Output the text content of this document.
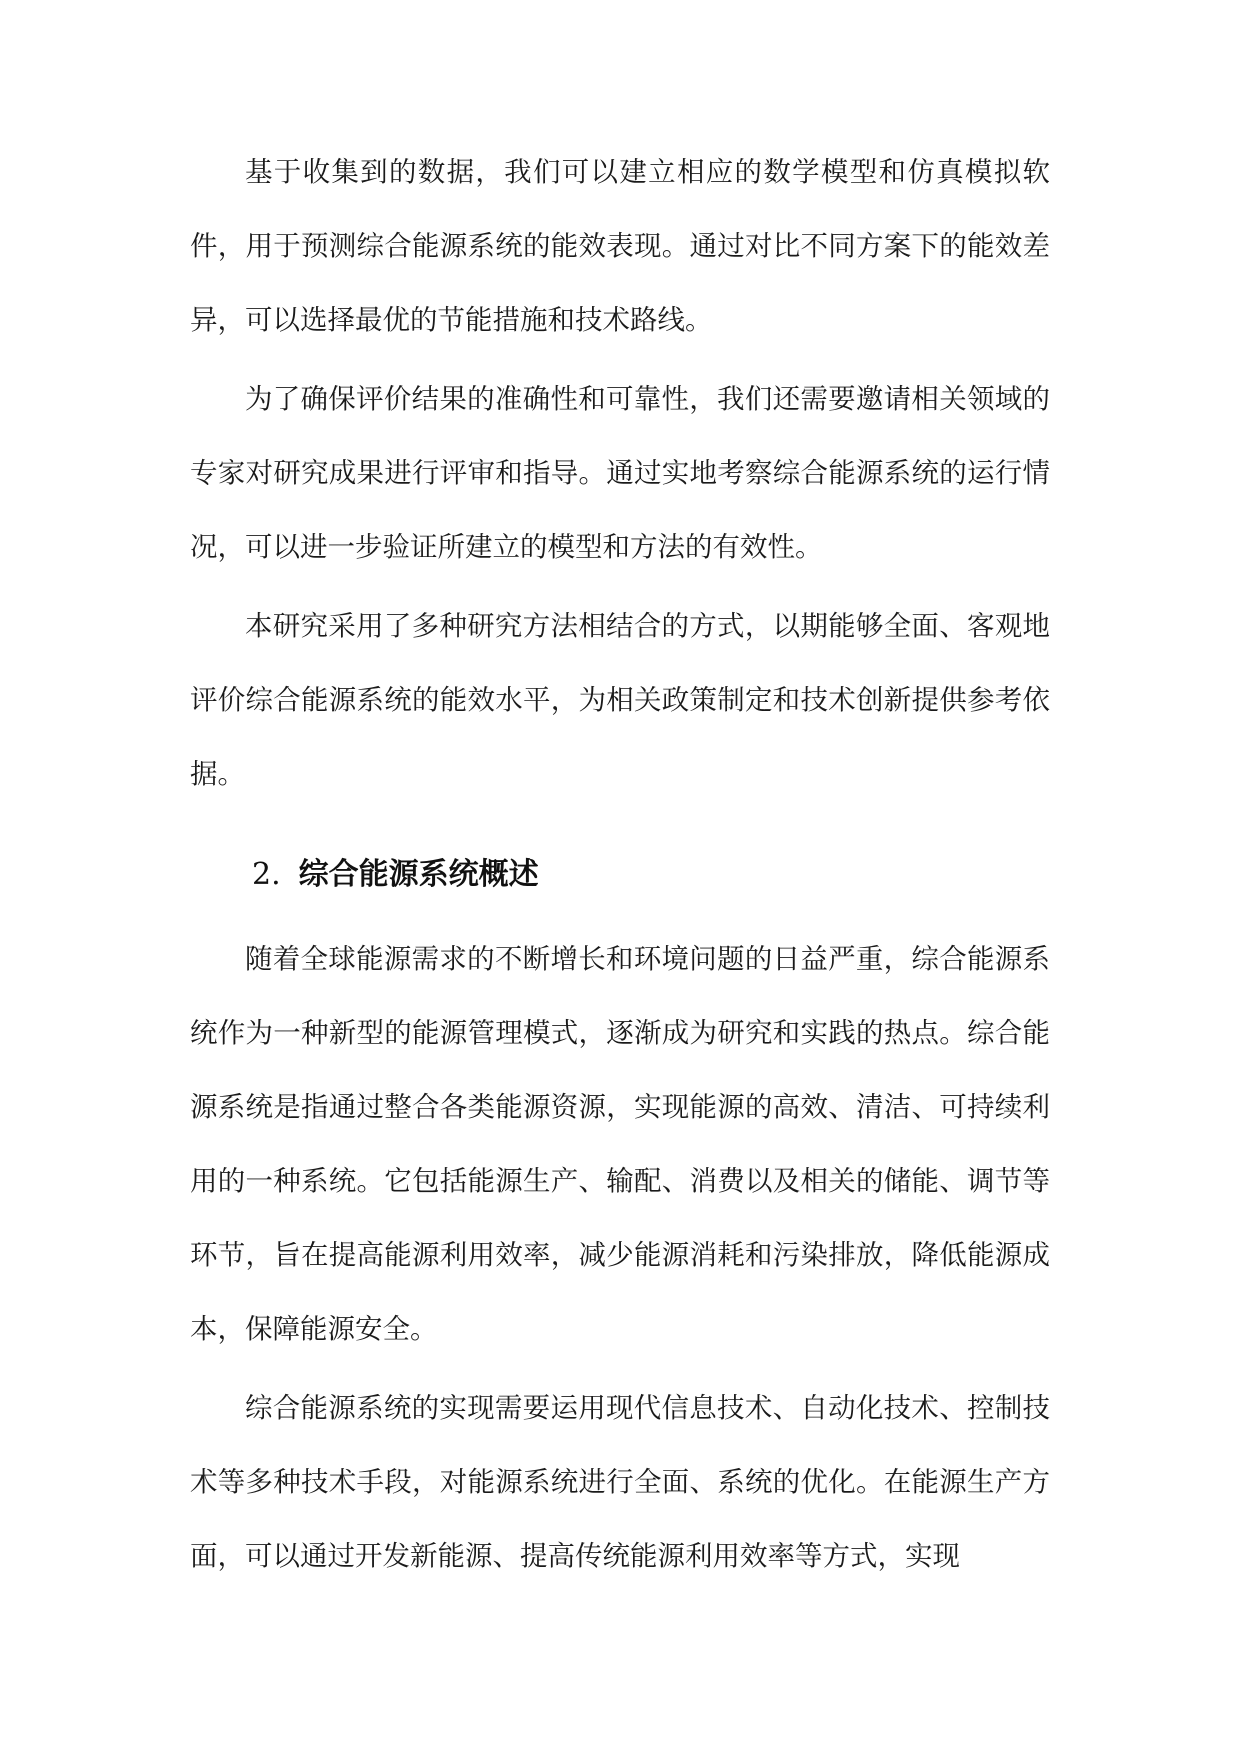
基于收集到的数据，我们可以建立相应的数学模型和仿真模拟软件，用于预测综合能源系统的能效表现。通过对比不同方案下的能效差异，可以选择最优的节能措施和技术路线。

为了确保评价结果的准确性和可靠性，我们还需要邀请相关领域的专家对研究成果进行评审和指导。通过实地考察综合能源系统的运行情况，可以进一步验证所建立的模型和方法的有效性。

本研究采用了多种研究方法相结合的方式，以期能够全面、客观地评价综合能源系统的能效水平，为相关政策制定和技术创新提供参考依据。

2. 综合能源系统概述

随着全球能源需求的不断增长和环境问题的日益严重，综合能源系统作为一种新型的能源管理模式，逐渐成为研究和实践的热点。综合能源系统是指通过整合各类能源资源，实现能源的高效、清洁、可持续利用的一种系统。它包括能源生产、输配、消费以及相关的储能、调节等环节，旨在提高能源利用效率，减少能源消耗和污染排放，降低能源成本，保障能源安全。

综合能源系统的实现需要运用现代信息技术、自动化技术、控制技术等多种技术手段，对能源系统进行全面、系统的优化。在能源生产方面，可以通过开发新能源、提高传统能源利用效率等方式，实现
